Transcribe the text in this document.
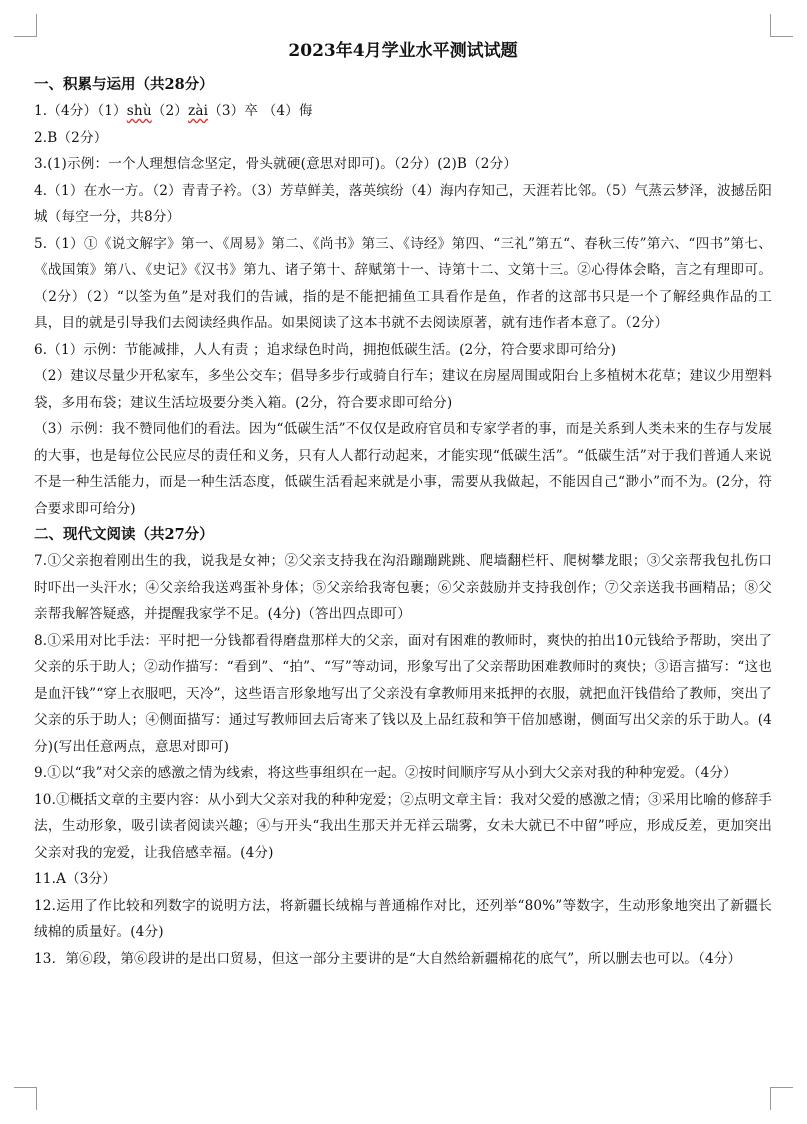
2023年4月学业水平测试试题

一、积累与运用（共28分）

1.（4分）（1）shù（2）zài（3）卒 （4）侮

2.B（2分）

3.(1)示例：一个人理想信念坚定，骨头就硬(意思对即可)。（2分）(2)B（2分）

4.（1）在水一方。（2）青青子衿。（3）芳草鲜美，落英缤纷（4）海内存知己，天涯若比邻。（5）气蒸云梦泽，波撼岳阳城（每空一分，共8分）

5.（1）①《说文解字》第一、《周易》第二、《尚书》第三、《诗经》第四、“三礼”第五“、春秋三传”第六、“四书”第七、《战国策》第八、《史记》《汉书》第九、诸子第十、辞赋第十一、诗第十二、文第十三。②心得体会略，言之有理即可。（2分）（2）“以筌为鱼”是对我们的告诫，指的是不能把捕鱼工具看作是鱼，作者的这部书只是一个了解经典作品的工具，目的就是引导我们去阅读经典作品。如果阅读了这本书就不去阅读原著，就有违作者本意了。（2分）

6.（1）示例：节能减排，人人有责 ；追求绿色时尚，拥抱低碳生活。(2分，符合要求即可给分)

（2）建议尽量少开私家车，多坐公交车；倡导多步行或骑自行车；建议在房屋周围或阳台上多植树木花草；建议少用塑料袋，多用布袋；建议生活垃圾要分类入箱。(2分，符合要求即可给分)

（3）示例：我不赞同他们的看法。因为“低碳生活”不仅仅是政府官员和专家学者的事，而是关系到人类未来的生存与发展的大事，也是每位公民应尽的责任和义务，只有人人都行动起来，才能实现“低碳生活”。“低碳生活”对于我们普通人来说不是一种生活能力，而是一种生活态度，低碳生活看起来就是小事，需要从我做起，不能因自己“渺小”而不为。(2分，符合要求即可给分)

二、现代文阅读（共27分）

7.①父亲抱着刚出生的我，说我是女神；②父亲支持我在沟沿蹦蹦跳跳、爬墙翻栏杆、爬树攀龙眼；③父亲帮我包扎伤口时吓出一头汗水；④父亲给我送鸡蛋补身体；⑤父亲给我寄包裹；⑥父亲鼓励并支持我创作；⑦父亲送我书画精品；⑧父亲帮我解答疑惑，并提醒我家学不足。(4分)（答出四点即可）

8.①采用对比手法：平时把一分钱都看得磨盘那样大的父亲，面对有困难的教师时，爽快的拍出10元钱给予帮助，突出了父亲的乐于助人；②动作描写：“看到”、“拍”、“写”等动词，形象写出了父亲帮助困难教师时的爽快；③语言描写：“这也是血汗钱”“穿上衣服吧，天冷”，这些语言形象地写出了父亲没有拿教师用来抵押的衣服，就把血汗钱借给了教师，突出了父亲的乐于助人；④侧面描写：通过写教师回去后寄来了钱以及上品红菽和笋干倍加感谢，侧面写出父亲的乐于助人。(4分)(写出任意两点，意思对即可)

9.①以“我”对父亲的感激之情为线索，将这些事组织在一起。②按时间顺序写从小到大父亲对我的种种宠爱。（4分）

10.①概括文章的主要内容：从小到大父亲对我的种种宠爱；②点明文章主旨：我对父爱的感激之情；③采用比喻的修辞手法，生动形象，吸引读者阅读兴趣；④与开头“我出生那天并无祥云瑞雾，女未大就已不中留”呼应，形成反差，更加突出父亲对我的宠爱，让我倍感幸福。(4分)

11.A（3分）

12.运用了作比较和列数字的说明方法，将新疆长绒棉与普通棉作对比，还列举“80%”等数字，生动形象地突出了新疆长绒棉的质量好。(4分)

13．第⑥段，第⑥段讲的是出口贸易，但这一部分主要讲的是“大自然给新疆棉花的底气”，所以删去也可以。（4分）
